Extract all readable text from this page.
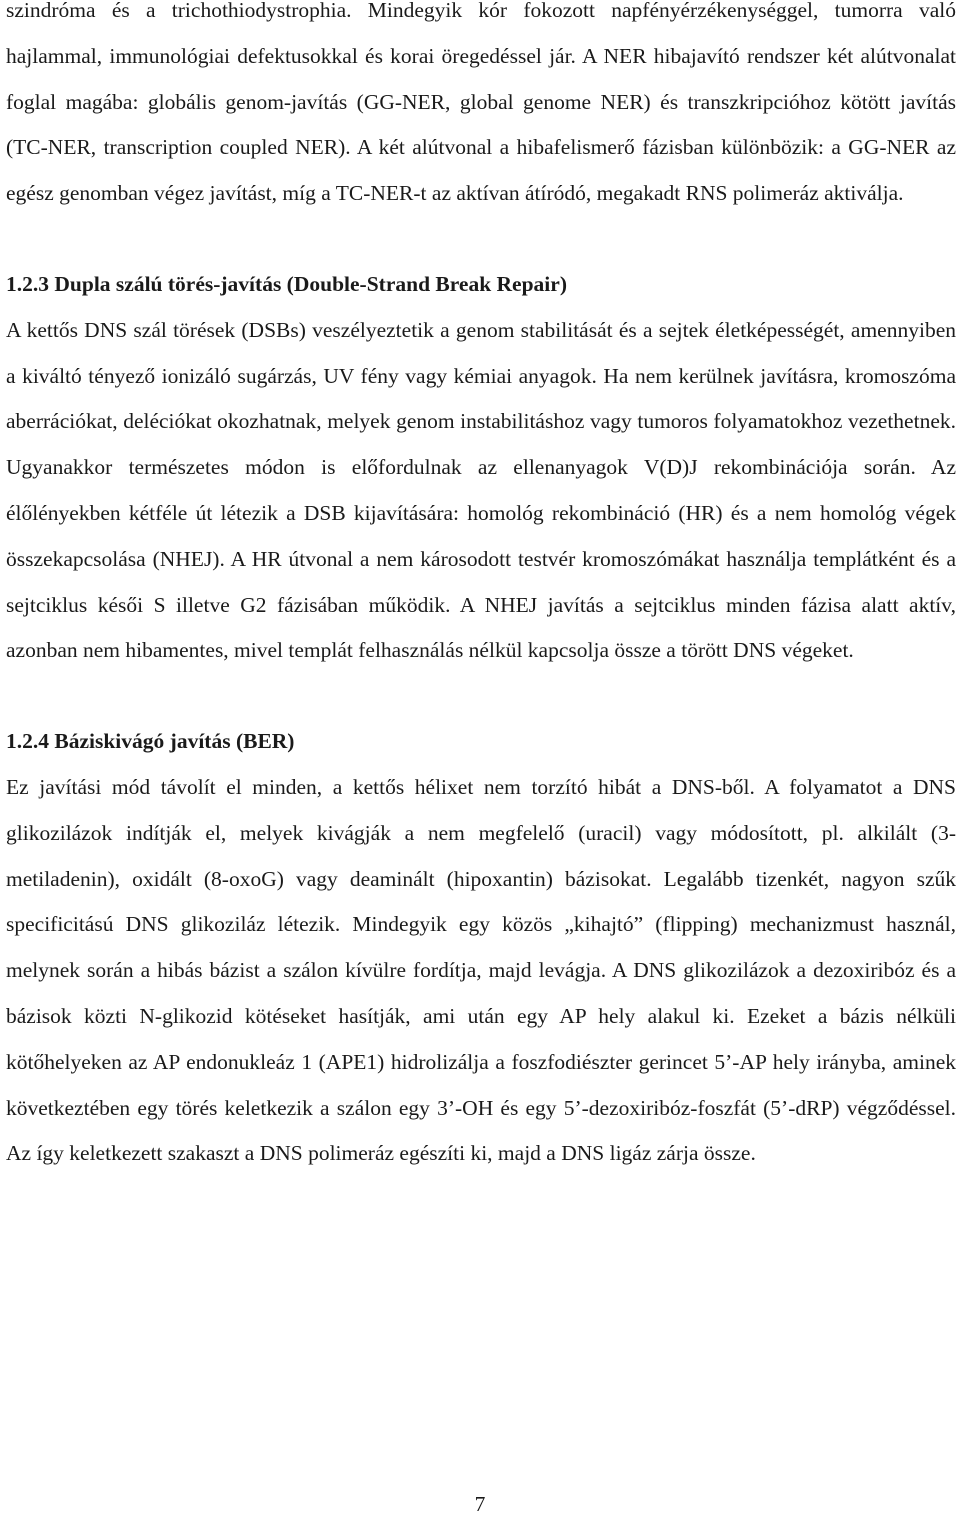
szindróma és a trichothiodystrophia. Mindegyik kór fokozott napfényérzékenységgel, tumorra való hajlammal, immunológiai defektusokkal és korai öregedéssel jár. A NER hibajavító rendszer két alútvonalat foglal magába: globális genom-javítás (GG-NER, global genome NER) és transzkripcióhoz kötött javítás (TC-NER, transcription coupled NER). A két alútvonal a hibafelismerő fázisban különbözik: a GG-NER az egész genomban végez javítást, míg a TC-NER-t az aktívan átíródó, megakadt RNS polimeráz aktiválja.

1.2.3 Dupla szálú törés-javítás (Double-Strand Break Repair)

A kettős DNS szál törések (DSBs) veszélyeztetik a genom stabilitását és a sejtek életképességét, amennyiben a kiváltó tényező ionizáló sugárzás, UV fény vagy kémiai anyagok. Ha nem kerülnek javításra, kromoszóma aberrációkat, deléciókat okozhatnak, melyek genom instabilitáshoz vagy tumoros folyamatokhoz vezethetnek. Ugyanakkor természetes módon is előfordulnak az ellenanyagok V(D)J rekombinációja során. Az élőlényekben kétféle út létezik a DSB kijavítására: homológ rekombináció (HR) és a nem homológ végek összekapcsolása (NHEJ). A HR útvonal a nem károsodott testvér kromoszómákat használja templátként és a sejtciklus késői S illetve G2 fázisában működik. A NHEJ javítás a sejtciklus minden fázisa alatt aktív, azonban nem hibamentes, mivel templát felhasználás nélkül kapcsolja össze a törött DNS végeket.

1.2.4 Báziskivágó javítás (BER)

Ez javítási mód távolít el minden, a kettős hélixet nem torzító hibát a DNS-ből. A folyamatot a DNS glikozilázok indítják el, melyek kivágják a nem megfelelő (uracil) vagy módosított, pl. alkilált (3-metiladenin), oxidált (8-oxoG) vagy deaminált (hipoxantin) bázisokat. Legalább tizenkét, nagyon szűk specificitású DNS glikoziláz létezik. Mindegyik egy közös „kihajtó” (flipping) mechanizmust használ, melynek során a hibás bázist a szálon kívülre fordítja, majd levágja. A DNS glikozilázok a dezoxiribóz és a bázisok közti N-glikozid kötéseket hasítják, ami után egy AP hely alakul ki. Ezeket a bázis nélküli kötőhelyeken az AP endonukleáz 1 (APE1) hidrolizálja a foszfodiészter gerincet 5’-AP hely irányba, aminek következtében egy törés keletkezik a szálon egy 3’-OH és egy 5’-dezoxiribóz-foszfát (5’-dRP) végződéssel. Az így keletkezett szakaszt a DNS polimeráz egészíti ki, majd a DNS ligáz zárja össze.

7
